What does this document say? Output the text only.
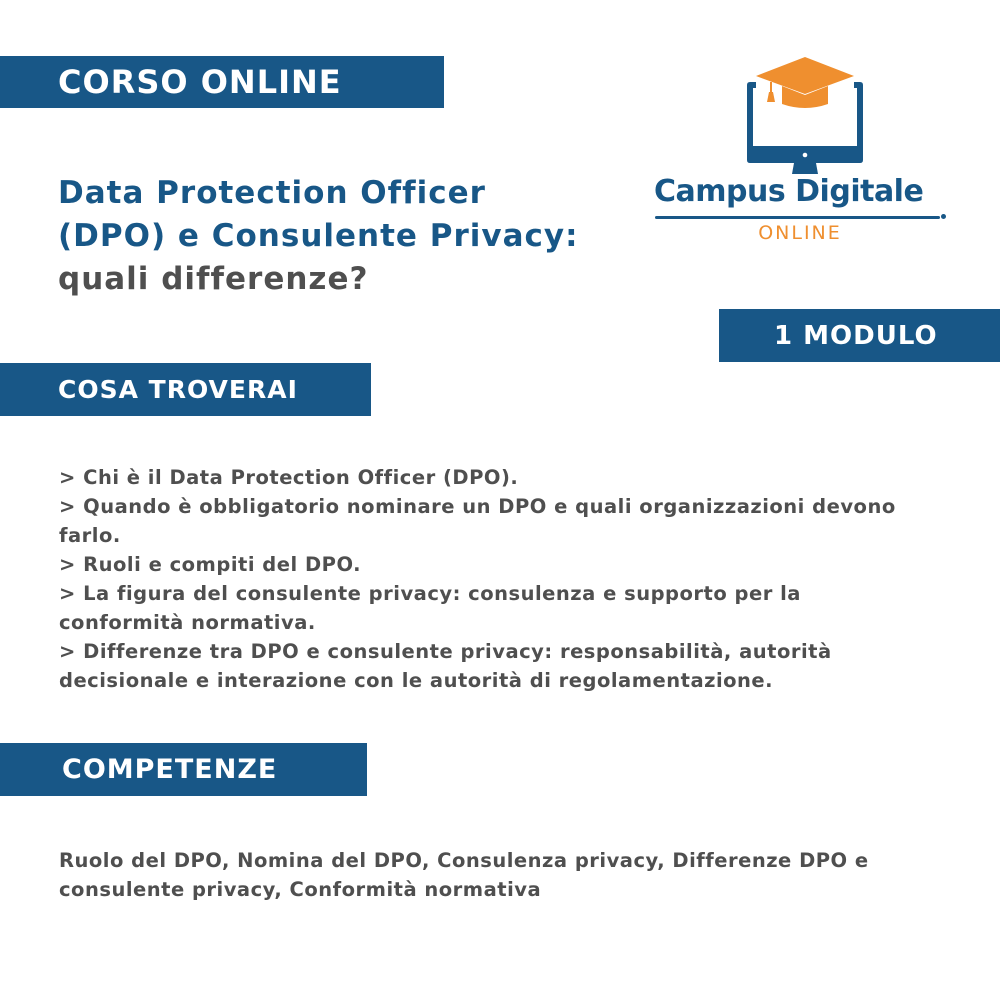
CORSO ONLINE
Data Protection Officer
(DPO) e Consulente Privacy:
quali differenze?
Campus Digitale
ONLINE
1 MODULO
COSA TROVERAI
> Chi è il Data Protection Officer (DPO).
> Quando è obbligatorio nominare un DPO e quali organizzazioni devono farlo.
> Ruoli e compiti del DPO.
> La figura del consulente privacy: consulenza e supporto per la conformità normativa.
> Differenze tra DPO e consulente privacy: responsabilità, autorità decisionale e interazione con le autorità di regolamentazione.
COMPETENZE
Ruolo del DPO, Nomina del DPO, Consulenza privacy, Differenze DPO e consulente privacy, Conformità normativa
